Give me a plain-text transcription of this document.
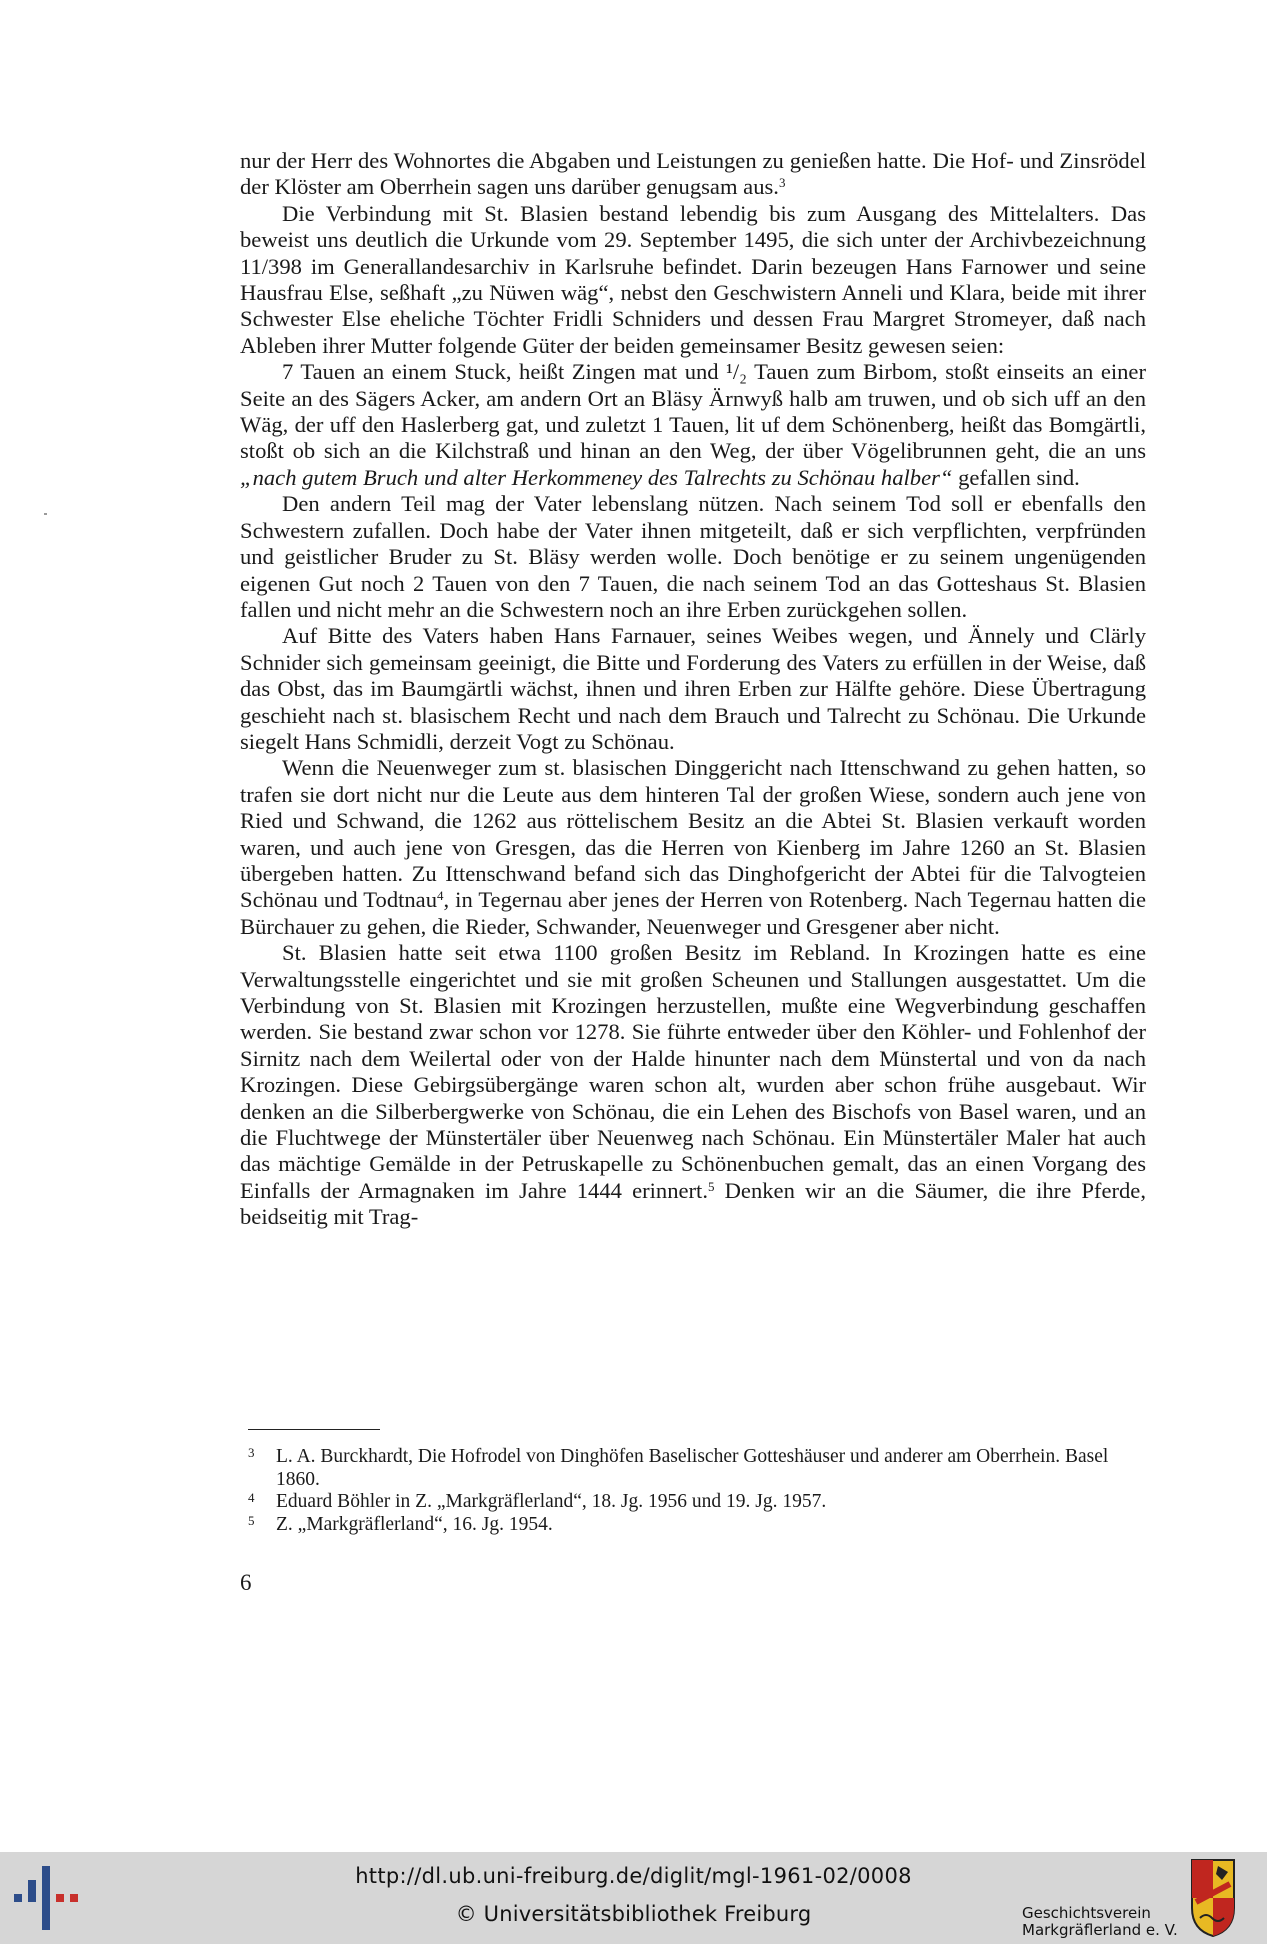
nur der Herr des Wohnortes die Abgaben und Leistungen zu genießen hatte. Die Hof- und Zinsrödel der Klöster am Oberrhein sagen uns darüber genugsam aus.$^3$

Die Verbindung mit St. Blasien bestand lebendig bis zum Ausgang des Mittelalters. Das beweist uns deutlich die Urkunde vom 29. September 1495, die sich unter der Archivbezeichnung 11/398 im Generallandesarchiv in Karlsruhe befindet. Darin bezeugen Hans Farnower und seine Hausfrau Else, seßhaft „zu Nüwen wäg“, nebst den Geschwistern Anneli und Klara, beide mit ihrer Schwester Else eheliche Töchter Fridli Schniders und dessen Frau Margret Stromeyer, daß nach Ableben ihrer Mutter folgende Güter der beiden gemeinsamer Besitz gewesen seien:

7 Tauen an einem Stuck, heißt Zingen mat und ¹/₂ Tauen zum Birbom, stoßt einseits an einer Seite an des Sägers Acker, am andern Ort an Bläsy Ärnwyß halb am truwen, und ob sich uff an den Wäg, der uff den Haslerberg gat, und zuletzt 1 Tauen, lit uf dem Schönenberg, heißt das Bomgärtli, stoßt ob sich an die Kilchstraß und hinan an den Weg, der über Vögelibrunnen geht, die an uns „nach gutem Bruch und alter Herkommeney des Talrechts zu Schönau halber“ gefallen sind.

Den andern Teil mag der Vater lebenslang nützen. Nach seinem Tod soll er ebenfalls den Schwestern zufallen. Doch habe der Vater ihnen mitgeteilt, daß er sich verpflichten, verpfründen und geistlicher Bruder zu St. Bläsy werden wolle. Doch benötige er zu seinem ungenügenden eigenen Gut noch 2 Tauen von den 7 Tauen, die nach seinem Tod an das Gotteshaus St. Blasien fallen und nicht mehr an die Schwestern noch an ihre Erben zurückgehen sollen.

Auf Bitte des Vaters haben Hans Farnauer, seines Weibes wegen, und Ännely und Clärly Schnider sich gemeinsam geeinigt, die Bitte und Forderung des Vaters zu erfüllen in der Weise, daß das Obst, das im Baumgärtli wächst, ihnen und ihren Erben zur Hälfte gehöre. Diese Übertragung geschieht nach st. blasischem Recht und nach dem Brauch und Talrecht zu Schönau. Die Urkunde siegelt Hans Schmidli, derzeit Vogt zu Schönau.

Wenn die Neuenweger zum st. blasischen Dinggericht nach Ittenschwand zu gehen hatten, so trafen sie dort nicht nur die Leute aus dem hinteren Tal der großen Wiese, sondern auch jene von Ried und Schwand, die 1262 aus röttelischem Besitz an die Abtei St. Blasien verkauft worden waren, und auch jene von Gresgen, das die Herren von Kienberg im Jahre 1260 an St. Blasien übergeben hatten. Zu Ittenschwand befand sich das Dinghofgericht der Abtei für die Talvogteien Schönau und Todtnau$^4$, in Tegernau aber jenes der Herren von Rotenberg. Nach Tegernau hatten die Bürchauer zu gehen, die Rieder, Schwander, Neuenweger und Gresgener aber nicht.

St. Blasien hatte seit etwa 1100 großen Besitz im Rebland. In Krozingen hatte es eine Verwaltungsstelle eingerichtet und sie mit großen Scheunen und Stallungen ausgestattet. Um die Verbindung von St. Blasien mit Krozingen herzustellen, mußte eine Wegverbindung geschaffen werden. Sie bestand zwar schon vor 1278. Sie führte entweder über den Köhler- und Fohlenhof der Sirnitz nach dem Weilertal oder von der Halde hinunter nach dem Münstertal und von da nach Krozingen. Diese Gebirgsübergänge waren schon alt, wurden aber schon frühe ausgebaut. Wir denken an die Silberbergwerke von Schönau, die ein Lehen des Bischofs von Basel waren, und an die Fluchtwege der Münstertäler über Neuenweg nach Schönau. Ein Münstertäler Maler hat auch das mächtige Gemälde in der Petruskapelle zu Schönenbuchen gemalt, das an einen Vorgang des Einfalls der Armagnaken im Jahre 1444 erinnert.$^5$ Denken wir an die Säumer, die ihre Pferde, beidseitig mit Trag-

3 L. A. Burckhardt, Die Hofrodel von Dinghöfen Baselischer Gotteshäuser und anderer am Oberrhein. Basel 1860.

4 Eduard Böhler in Z. „Markgräflerland“, 18. Jg. 1956 und 19. Jg. 1957.

5 Z. „Markgräflerland“, 16. Jg. 1954.

6
http://dl.ub.uni-freiburg.de/diglit/mgl-1961-02/0008
© Universitätsbibliothek Freiburg	Geschichtsverein
Markgräflerland e. V.
